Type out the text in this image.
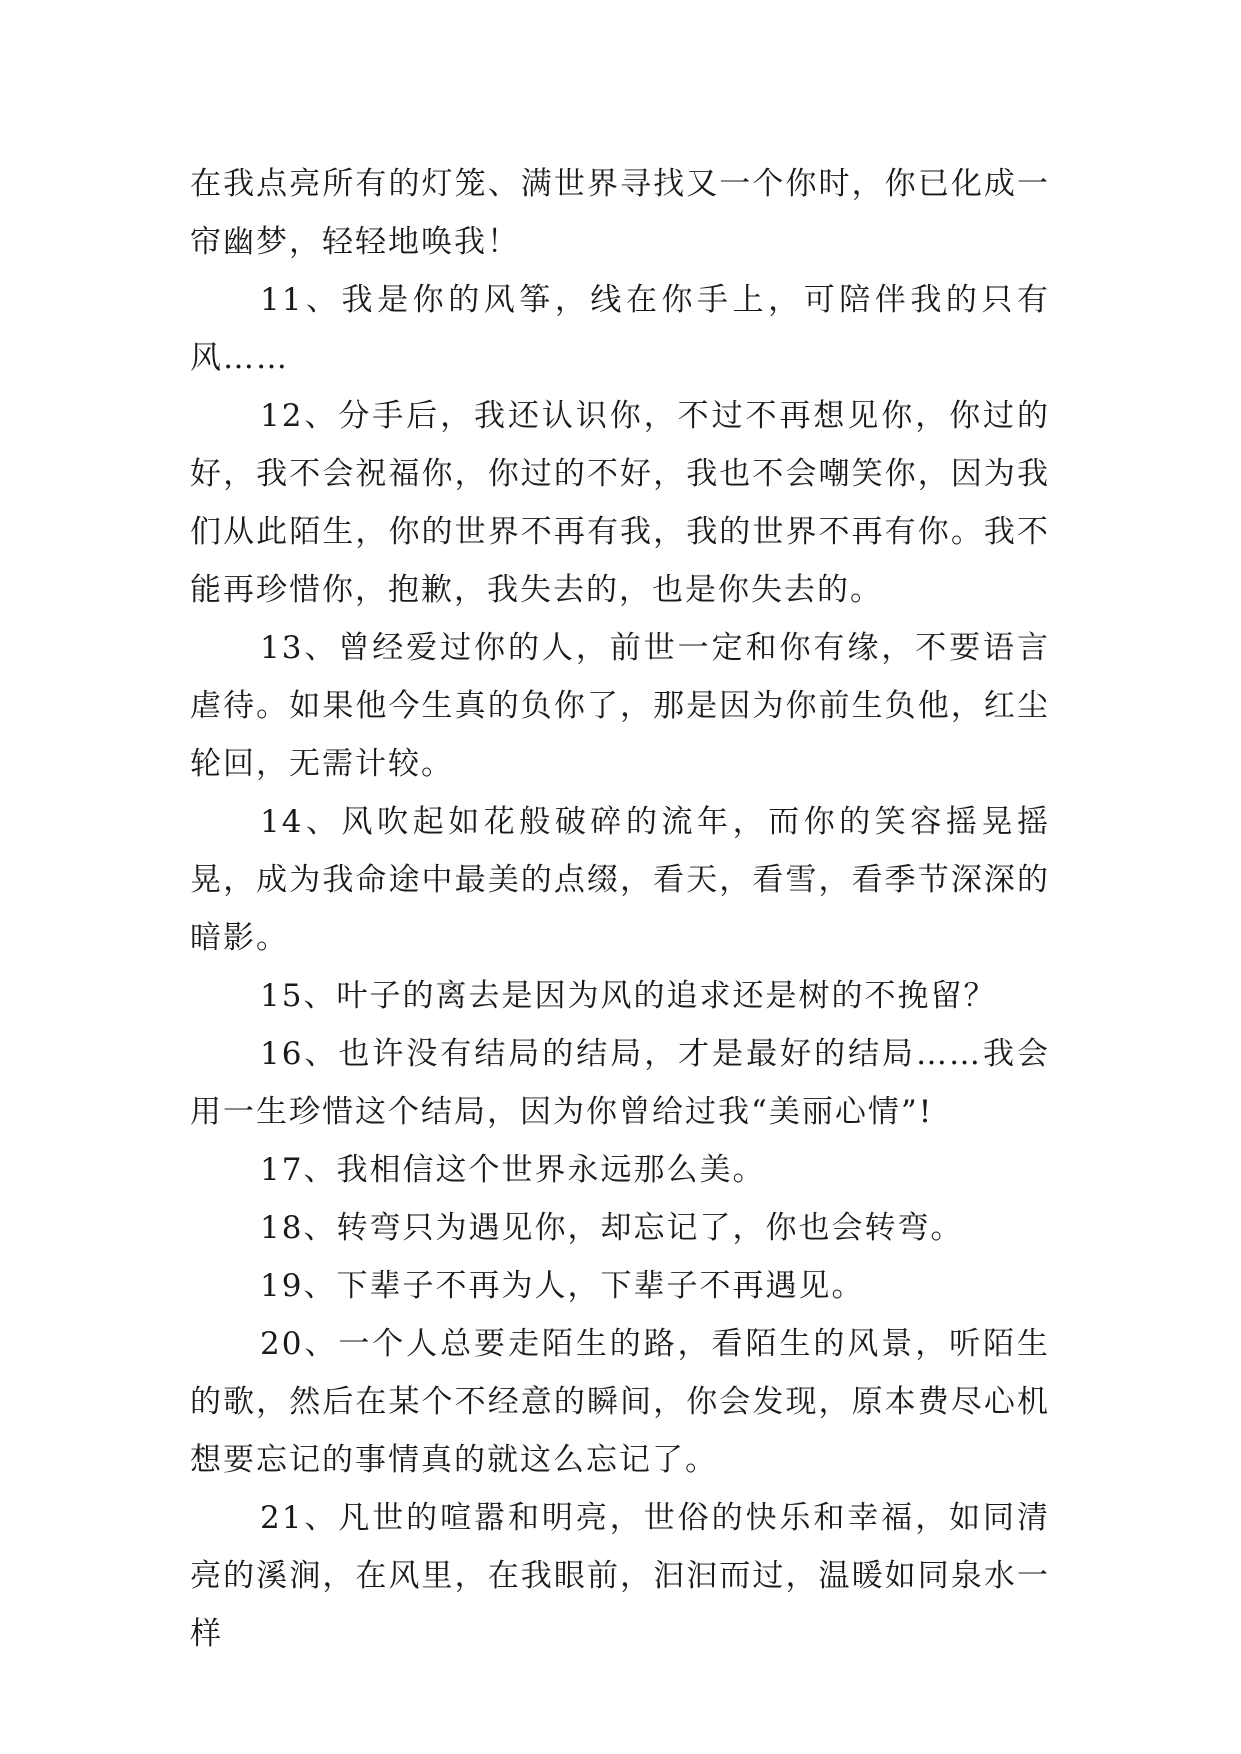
在我点亮所有的灯笼、满世界寻找又一个你时，你已化成一帘幽梦，轻轻地唤我！

11、我是你的风筝，线在你手上，可陪伴我的只有风……

12、分手后，我还认识你，不过不再想见你，你过的好，我不会祝福你，你过的不好，我也不会嘲笑你，因为我们从此陌生，你的世界不再有我，我的世界不再有你。我不能再珍惜你，抱歉，我失去的，也是你失去的。

13、曾经爱过你的人，前世一定和你有缘，不要语言虐待。如果他今生真的负你了，那是因为你前生负他，红尘轮回，无需计较。

14、风吹起如花般破碎的流年，而你的笑容摇晃摇晃，成为我命途中最美的点缀，看天，看雪，看季节深深的暗影。

15、叶子的离去是因为风的追求还是树的不挽留？

16、也许没有结局的结局，才是最好的结局……我会用一生珍惜这个结局，因为你曾给过我“美丽心情”!

17、我相信这个世界永远那么美。

18、转弯只为遇见你，却忘记了，你也会转弯。

19、下辈子不再为人，下辈子不再遇见。

20、一个人总要走陌生的路，看陌生的风景，听陌生的歌，然后在某个不经意的瞬间，你会发现，原本费尽心机想要忘记的事情真的就这么忘记了。

21、凡世的喧嚣和明亮，世俗的快乐和幸福，如同清亮的溪涧，在风里，在我眼前，汩汩而过，温暖如同泉水一样
